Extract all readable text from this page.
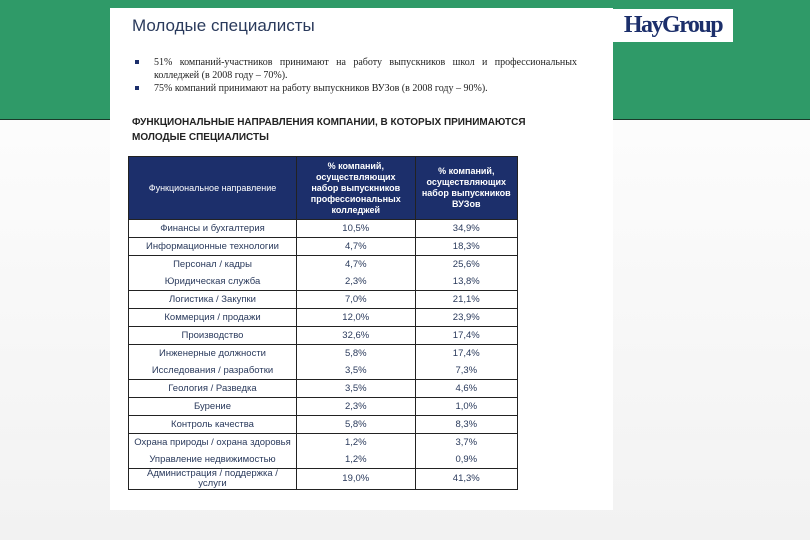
HayGroup
Молодые специалисты
51% компаний-участников принимают на работу выпускников школ и профессиональных колледжей (в 2008 году – 70%).
75% компаний принимают на работу выпускников ВУЗов (в 2008 году – 90%).
ФУНКЦИОНАЛЬНЫЕ НАПРАВЛЕНИЯ КОМПАНИИ, В КОТОРЫХ ПРИНИМАЮТСЯ МОЛОДЫЕ СПЕЦИАЛИСТЫ
Функциональное направление	% компаний, осуществляющих набор выпускников профессиональных колледжей	% компаний, осуществляющих набор выпускников ВУЗов
Финансы и бухгалтерия	10,5%	34,9%
Информационные технологии	4,7%	18,3%
Персонал / кадры	4,7%	25,6%
Юридическая служба	2,3%	13,8%
Логистика / Закупки	7,0%	21,1%
Коммерция / продажи	12,0%	23,9%
Производство	32,6%	17,4%
Инженерные должности	5,8%	17,4%
Исследования / разработки	3,5%	7,3%
Геология / Разведка	3,5%	4,6%
Бурение	2,3%	1,0%
Контроль качества	5,8%	8,3%
Охрана природы / охрана здоровья	1,2%	3,7%
Управление недвижимостью	1,2%	0,9%
Администрация / поддержка / услуги	19,0%	41,3%
